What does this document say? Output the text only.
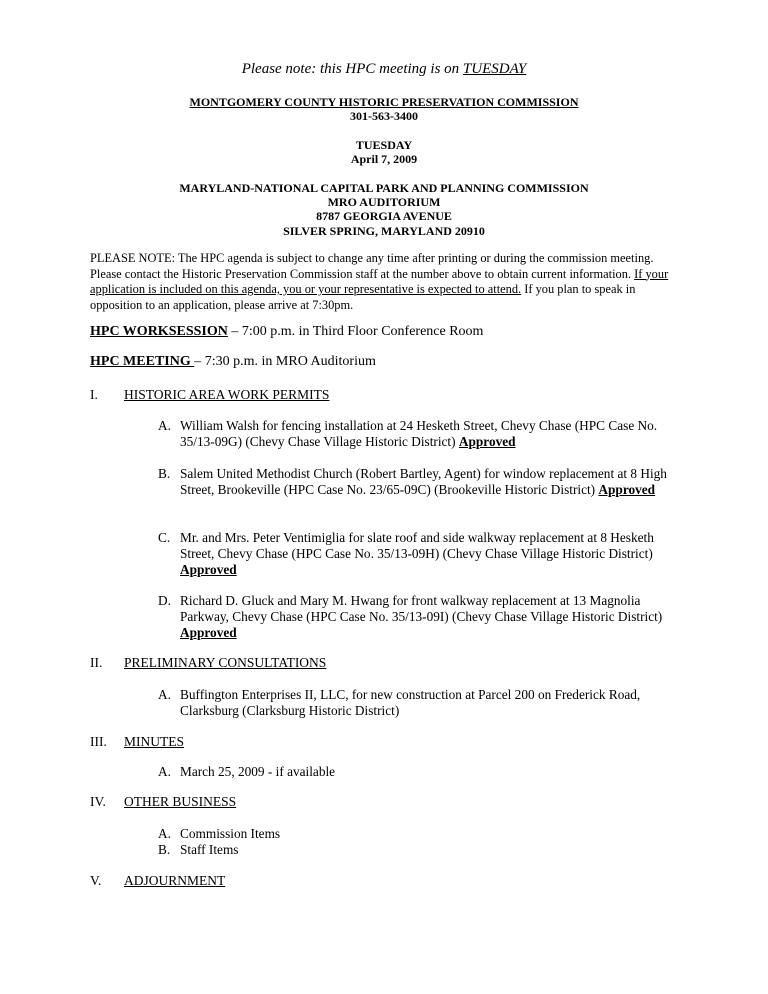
Please note: this HPC meeting is on TUESDAY
MONTGOMERY COUNTY HISTORIC PRESERVATION COMMISSION
301-563-3400
TUESDAY
April 7, 2009
MARYLAND-NATIONAL CAPITAL PARK AND PLANNING COMMISSION
MRO AUDITORIUM
8787 GEORGIA AVENUE
SILVER SPRING, MARYLAND 20910
PLEASE NOTE: The HPC agenda is subject to change any time after printing or during the commission meeting. Please contact the Historic Preservation Commission staff at the number above to obtain current information. If your application is included on this agenda, you or your representative is expected to attend. If you plan to speak in opposition to an application, please arrive at 7:30pm.
HPC WORKSESSION – 7:00 p.m. in Third Floor Conference Room
HPC MEETING – 7:30 p.m. in MRO Auditorium
I. HISTORIC AREA WORK PERMITS
A. William Walsh for fencing installation at 24 Hesketh Street, Chevy Chase (HPC Case No. 35/13-09G) (Chevy Chase Village Historic District) Approved
B. Salem United Methodist Church (Robert Bartley, Agent) for window replacement at 8 High Street, Brookeville (HPC Case No. 23/65-09C) (Brookeville Historic District) Approved
C. Mr. and Mrs. Peter Ventimiglia for slate roof and side walkway replacement at 8 Hesketh Street, Chevy Chase (HPC Case No. 35/13-09H) (Chevy Chase Village Historic District) Approved
D. Richard D. Gluck and Mary M. Hwang for front walkway replacement at 13 Magnolia Parkway, Chevy Chase (HPC Case No. 35/13-09I) (Chevy Chase Village Historic District) Approved
II. PRELIMINARY CONSULTATIONS
A. Buffington Enterprises II, LLC, for new construction at Parcel 200 on Frederick Road, Clarksburg (Clarksburg Historic District)
III. MINUTES
A. March 25, 2009 - if available
IV. OTHER BUSINESS
A. Commission Items
B. Staff Items
V. ADJOURNMENT
